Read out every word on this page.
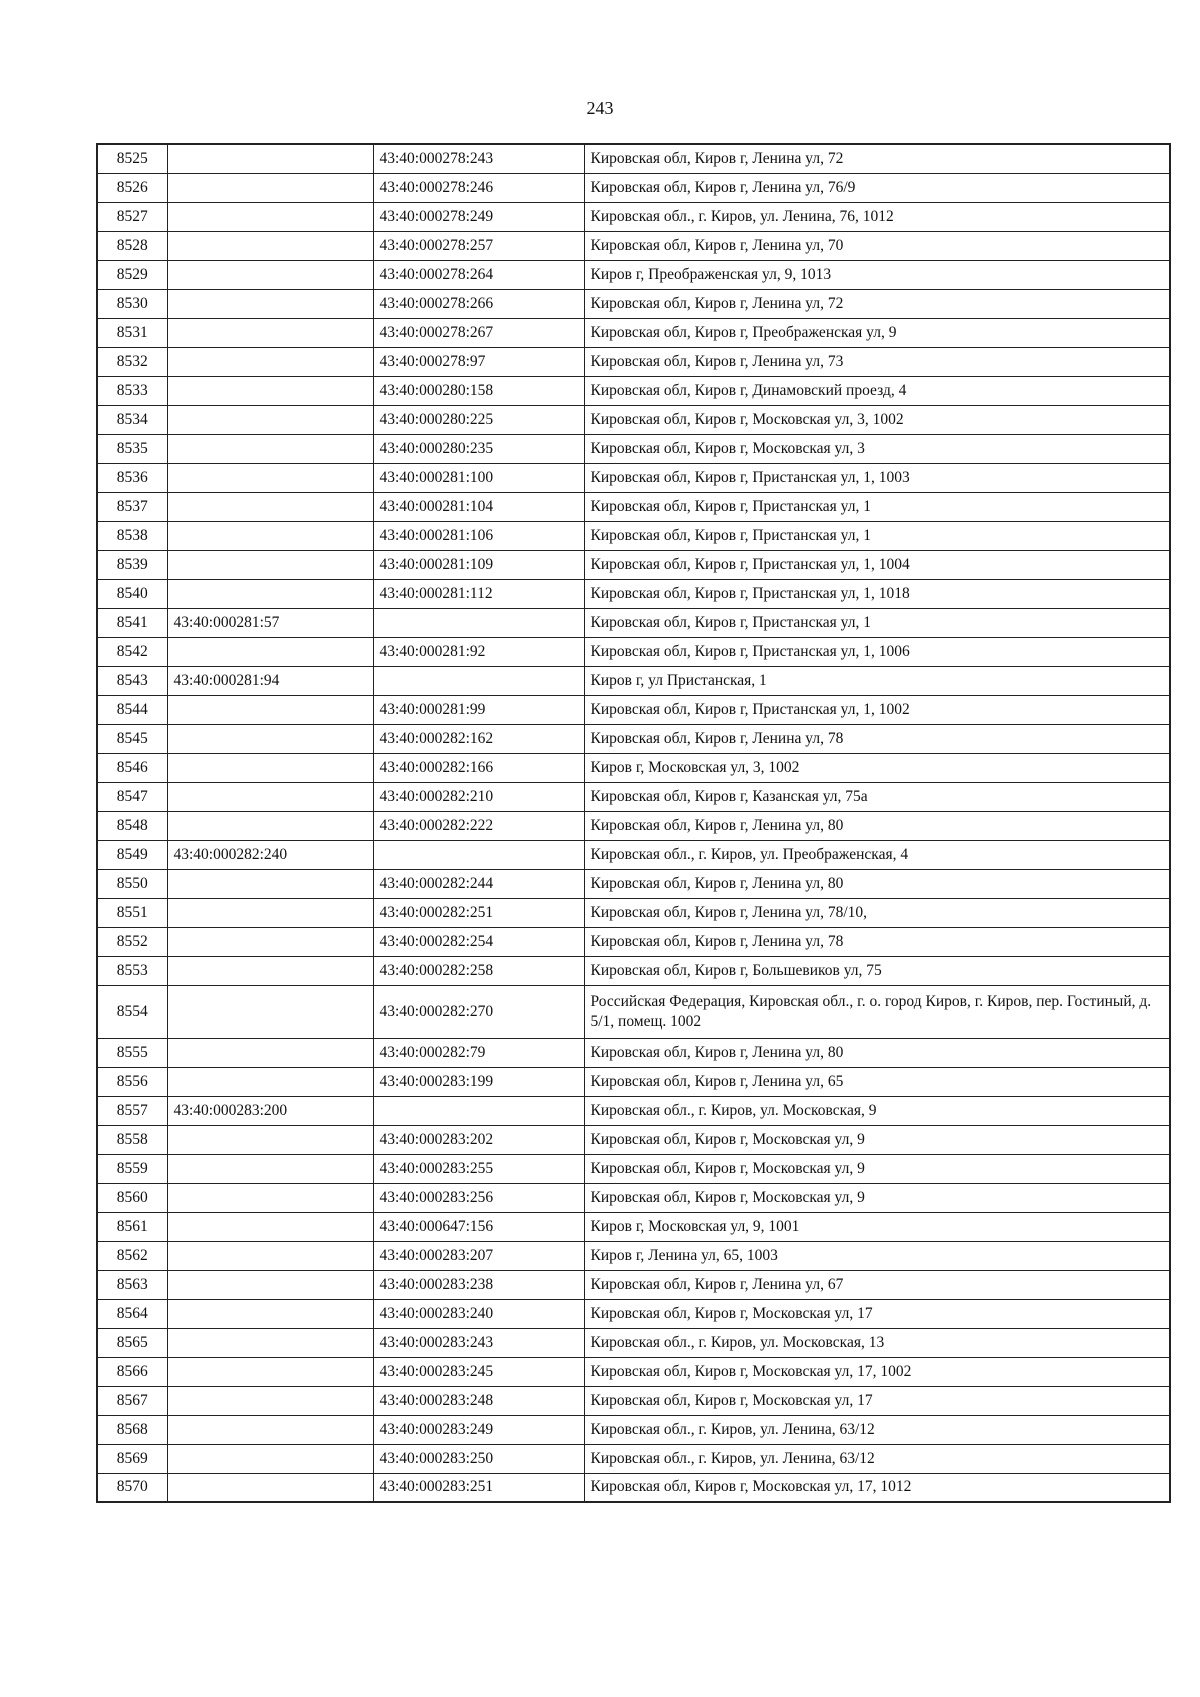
243
8525		43:40:000278:243	Кировская обл, Киров г, Ленина ул, 72
8526		43:40:000278:246	Кировская обл, Киров г, Ленина ул, 76/9
8527		43:40:000278:249	Кировская обл., г. Киров, ул. Ленина, 76, 1012
8528		43:40:000278:257	Кировская обл, Киров г, Ленина ул, 70
8529		43:40:000278:264	Киров г, Преображенская ул, 9, 1013
8530		43:40:000278:266	Кировская обл, Киров г, Ленина ул, 72
8531		43:40:000278:267	Кировская обл, Киров г, Преображенская ул, 9
8532		43:40:000278:97	Кировская обл, Киров г, Ленина ул, 73
8533		43:40:000280:158	Кировская обл, Киров г, Динамовский проезд, 4
8534		43:40:000280:225	Кировская обл, Киров г, Московская ул, 3, 1002
8535		43:40:000280:235	Кировская обл, Киров г, Московская ул, 3
8536		43:40:000281:100	Кировская обл, Киров г, Пристанская ул, 1, 1003
8537		43:40:000281:104	Кировская обл, Киров г, Пристанская ул, 1
8538		43:40:000281:106	Кировская обл, Киров г, Пристанская ул, 1
8539		43:40:000281:109	Кировская обл, Киров г, Пристанская ул, 1, 1004
8540		43:40:000281:112	Кировская обл, Киров г, Пристанская ул, 1, 1018
8541	43:40:000281:57		Кировская обл, Киров г, Пристанская ул, 1
8542		43:40:000281:92	Кировская обл, Киров г, Пристанская ул, 1, 1006
8543	43:40:000281:94		Киров г, ул Пристанская, 1
8544		43:40:000281:99	Кировская обл, Киров г, Пристанская ул, 1, 1002
8545		43:40:000282:162	Кировская обл, Киров г, Ленина ул, 78
8546		43:40:000282:166	Киров г, Московская ул, 3, 1002
8547		43:40:000282:210	Кировская обл, Киров г, Казанская ул, 75а
8548		43:40:000282:222	Кировская обл, Киров г, Ленина ул, 80
8549	43:40:000282:240		Кировская обл., г. Киров, ул. Преображенская, 4
8550		43:40:000282:244	Кировская обл, Киров г, Ленина ул, 80
8551		43:40:000282:251	Кировская обл, Киров г, Ленина ул, 78/10,
8552		43:40:000282:254	Кировская обл, Киров г, Ленина ул, 78
8553		43:40:000282:258	Кировская обл, Киров г, Большевиков ул, 75
8554		43:40:000282:270	Российская Федерация, Кировская обл., г. о. город Киров, г. Киров, пер. Гостиный, д. 5/1, помещ. 1002
8555		43:40:000282:79	Кировская обл, Киров г, Ленина ул, 80
8556		43:40:000283:199	Кировская обл, Киров г, Ленина ул, 65
8557	43:40:000283:200		Кировская обл., г. Киров, ул. Московская, 9
8558		43:40:000283:202	Кировская обл, Киров г, Московская ул, 9
8559		43:40:000283:255	Кировская обл, Киров г, Московская ул, 9
8560		43:40:000283:256	Кировская обл, Киров г, Московская ул, 9
8561		43:40:000647:156	Киров г, Московская ул, 9, 1001
8562		43:40:000283:207	Киров г, Ленина ул, 65, 1003
8563		43:40:000283:238	Кировская обл, Киров г, Ленина ул, 67
8564		43:40:000283:240	Кировская обл, Киров г, Московская ул, 17
8565		43:40:000283:243	Кировская обл., г. Киров, ул. Московская, 13
8566		43:40:000283:245	Кировская обл, Киров г, Московская ул, 17, 1002
8567		43:40:000283:248	Кировская обл, Киров г, Московская ул, 17
8568		43:40:000283:249	Кировская обл., г. Киров, ул. Ленина, 63/12
8569		43:40:000283:250	Кировская обл., г. Киров, ул. Ленина, 63/12
8570		43:40:000283:251	Кировская обл, Киров г, Московская ул, 17, 1012
